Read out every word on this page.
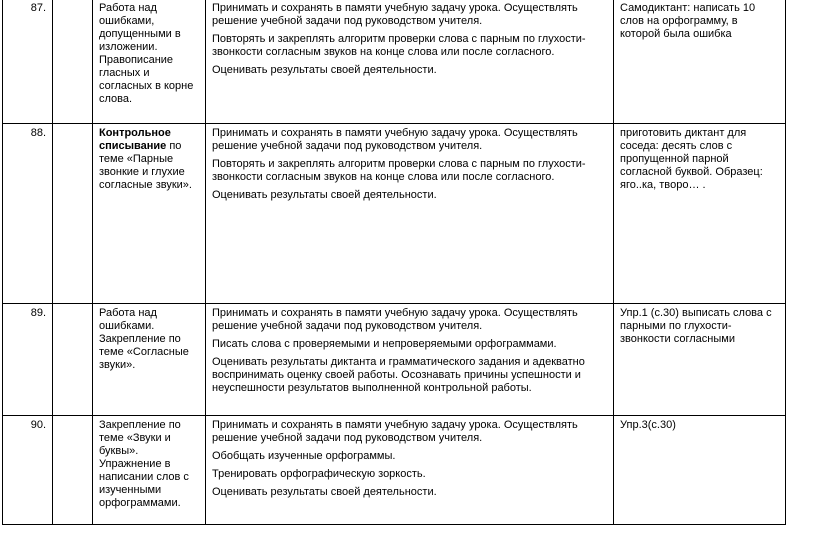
87.		Работа над ошибками, допущенными в изложении. Правописание гласных и согласных в корне слова.	Принимать и сохранять в памяти учебную задачу урока. Осуществлять решение учебной задачи под руководством учителя.
Повторять и закреплять алгоритм проверки слова с парным по глухости-звонкости согласным звуков на конце слова или после согласного.
Оценивать результаты своей деятельности.	Самодиктант: написать 10 слов на орфограмму, в которой была ошибка
88.		Контрольное списывание по теме «Парные звонкие и глухие согласные звуки».	Принимать и сохранять в памяти учебную задачу урока. Осуществлять решение учебной задачи под руководством учителя.
Повторять и закреплять алгоритм проверки слова с парным по глухости-звонкости согласным звуков на конце слова или после согласного.
Оценивать результаты своей деятельности.	приготовить диктант для соседа: десять слов с пропущенной парной согласной буквой. Образец: яго..ка, твoро… .
89.		Работа над ошибками. Закрепление по теме «Согласные звуки».	Принимать и сохранять в памяти учебную задачу урока. Осуществлять решение учебной задачи под руководством учителя.
Писать слова с проверяемыми и непроверяемыми орфограммами.
Оценивать результаты диктанта и грамматического задания и адекватно воспринимать оценку своей работы. Осознавать причины успешности и неуспешности результатов выполненной контрольной работы.	Упр.1 (с.30) выписать слова с парными по глухости-звонкости согласными
90.		Закрепление по теме «Звуки и буквы». Упражнение в написании слов с изученными орфограммами.	Принимать и сохранять в памяти учебную задачу урока. Осуществлять решение учебной задачи под руководством учителя.
Обобщать изученные орфограммы.
Тренировать орфографическую зоркость.
Оценивать результаты своей деятельности.	Упр.3(с.30)
